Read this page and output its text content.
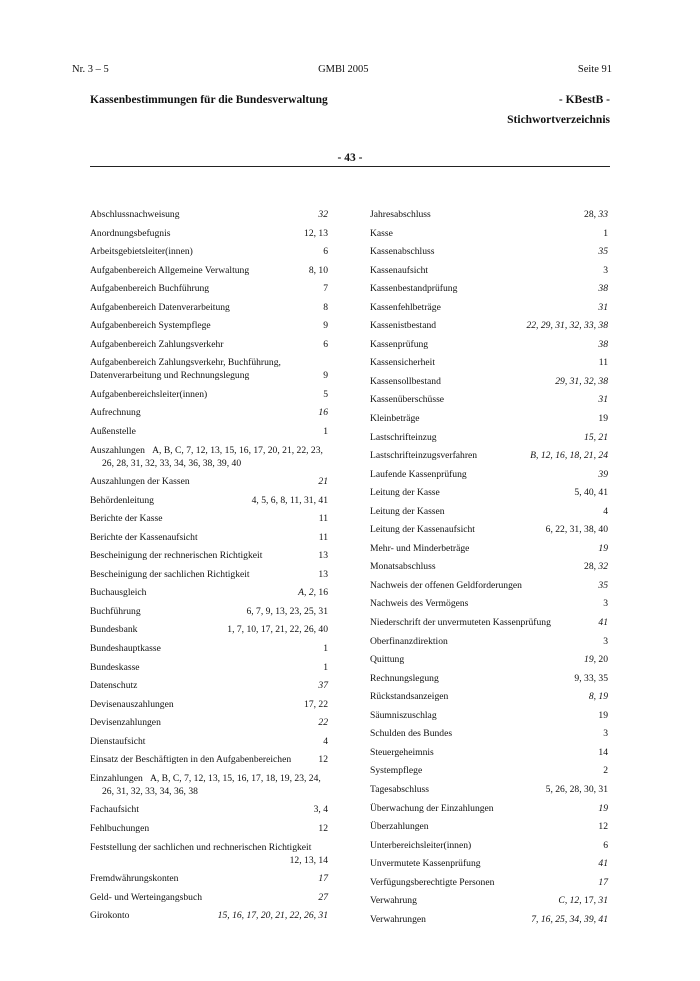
Nr. 3 – 5	GMBl 2005	Seite 91
Kassenbestimmungen für die Bundesverwaltung	- KBestB -
Stichwortverzeichnis
- 43 -
Abschlussnachweisung	32
Anordnungsbefugnis	12, 13
Arbeitsgebietsleiter(innen)	6
Aufgabenbereich Allgemeine Verwaltung	8, 10
Aufgabenbereich Buchführung	7
Aufgabenbereich Datenverarbeitung	8
Aufgabenbereich Systempflege	9
Aufgabenbereich Zahlungsverkehr	6
Aufgabenbereich Zahlungsverkehr, Buchführung, Datenverarbeitung und Rechnungslegung	9
Aufgabenbereichsleiter(innen)	5
Aufrechnung	16
Außenstelle	1
Auszahlungen A, B, C, 7, 12, 13, 15, 16, 17, 20, 21, 22, 23, 26, 28, 31, 32, 33, 34, 36, 38, 39, 40
Auszahlungen der Kassen	21
Behördenleitung	4, 5, 6, 8, 11, 31, 41
Berichte der Kasse	11
Berichte der Kassenaufsicht	11
Bescheinigung der rechnerischen Richtigkeit	13
Bescheinigung der sachlichen Richtigkeit	13
Buchausgleich	A, 2, 16
Buchführung	6, 7, 9, 13, 23, 25, 31
Bundesbank	1, 7, 10, 17, 21, 22, 26, 40
Bundeshauptkasse	1
Bundeskasse	1
Datenschutz	37
Devisenauszahlungen	17, 22
Devisenzahlungen	22
Dienstaufsicht	4
Einsatz der Beschäftigten in den Aufgabenbereichen	12
Einzahlungen A, B, C, 7, 12, 13, 15, 16, 17, 18, 19, 23, 24, 26, 31, 32, 33, 34, 36, 38
Fachaufsicht	3, 4
Fehlbuchungen	12
Feststellung der sachlichen und rechnerischen Richtigkeit
12, 13, 14
Fremdwährungskonten	17
Geld- und Werteingangsbuch	27
Girokonto	15, 16, 17, 20, 21, 22, 26, 31
Jahresabschluss	28, 33
Kasse	1
Kassenabschluss	35
Kassenaufsicht	3
Kassenbestandprüfung	38
Kassenfehlbeträge	31
Kassenistbestand	22, 29, 31, 32, 33, 38
Kassenprüfung	38
Kassensicherheit	11
Kassensollbestand	29, 31, 32, 38
Kassenüberschüsse	31
Kleinbeträge	19
Lastschrifteinzug	15, 21
Lastschrifteinzugsverfahren	B, 12, 16, 18, 21, 24
Laufende Kassenprüfung	39
Leitung der Kasse	5, 40, 41
Leitung der Kassen	4
Leitung der Kassenaufsicht	6, 22, 31, 38, 40
Mehr- und Minderbeträge	19
Monatsabschluss	28, 32
Nachweis der offenen Geldforderungen	35
Nachweis des Vermögens	3
Niederschrift der unvermuteten Kassenprüfung	41
Oberfinanzdirektion	3
Quittung	19, 20
Rechnungslegung	9, 33, 35
Rückstandsanzeigen	8, 19
Säumniszuschlag	19
Schulden des Bundes	3
Steuergeheimnis	14
Systempflege	2
Tagesabschluss	5, 26, 28, 30, 31
Überwachung der Einzahlungen	19
Überzahlungen	12
Unterbereichsleiter(innen)	6
Unvermutete Kassenprüfung	41
Verfügungsberechtigte Personen	17
Verwahrung	C, 12, 17, 31
Verwahrungen	7, 16, 25, 34, 39, 41
